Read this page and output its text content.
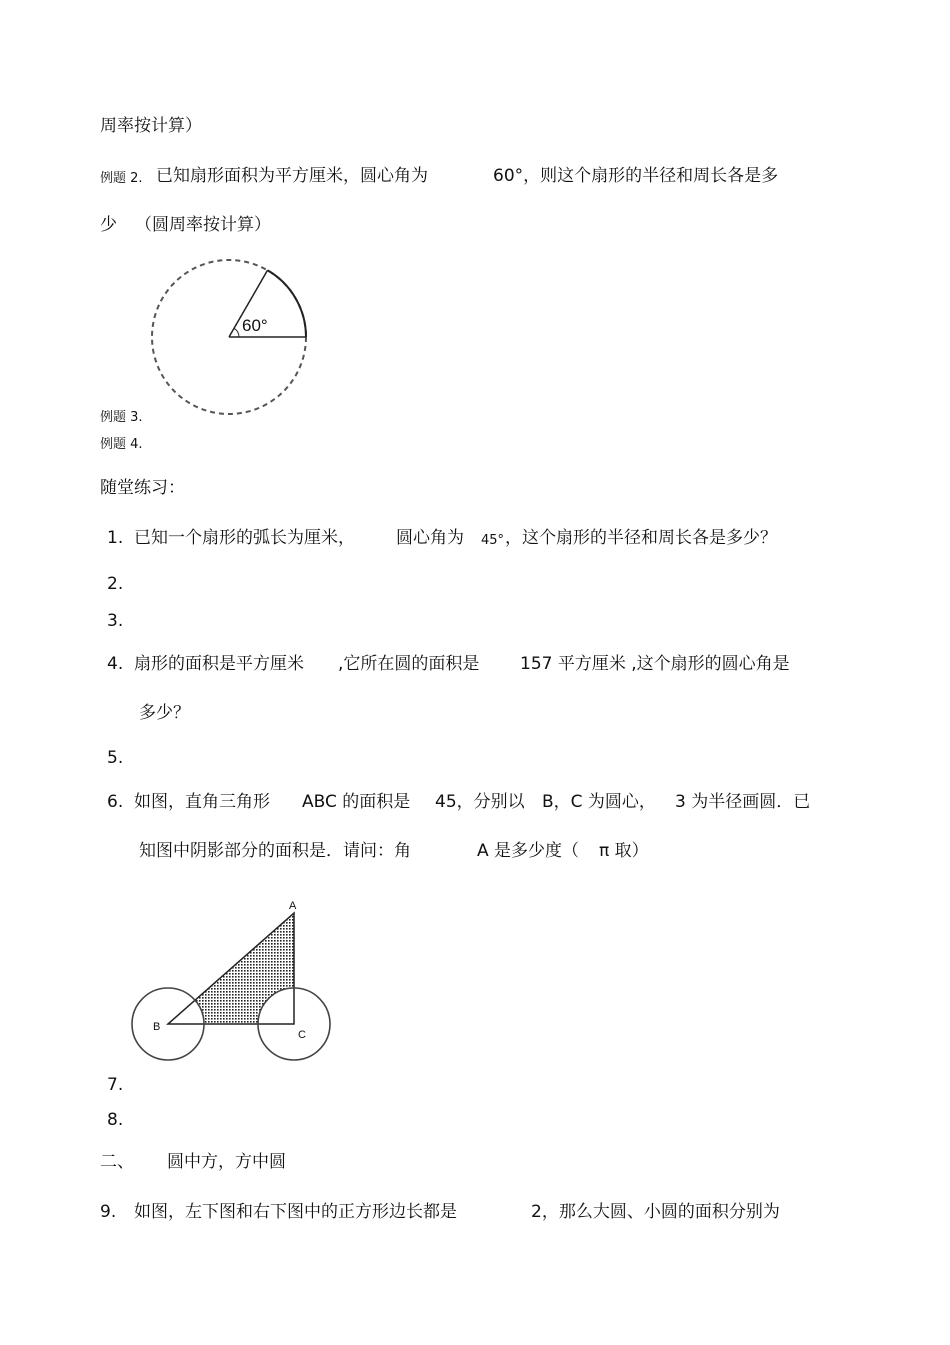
周率按计算）
例题 2. 已知扇形面积为平方厘米，圆心角为	60°，则这个扇形的半径和周长各是多
少 （圆周率按计算）
60°
例题 3.
例题 4.
随堂练习：
1. 已知一个扇形的弧长为厘米， 圆心角为 45° ，这个扇形的半径和周长各是多少？
2.
3.
4. 扇形的面积是平方厘米 ,它所在圆的面积是 157 平方厘米 ,这个扇形的圆心角是
多少？
5.
6. 如图，直角三角形 ABC 的面积是 45，分别以 B，C 为圆心， 3 为半径画圆．已
知图中阴影部分的面积是．请问：角	A 是多少度（ π 取）
A
B
C
7.
8.
二、 圆中方，方中圆
9. 如图，左下图和右下图中的正方形边长都是	2，那么大圆、小圆的面积分别为
